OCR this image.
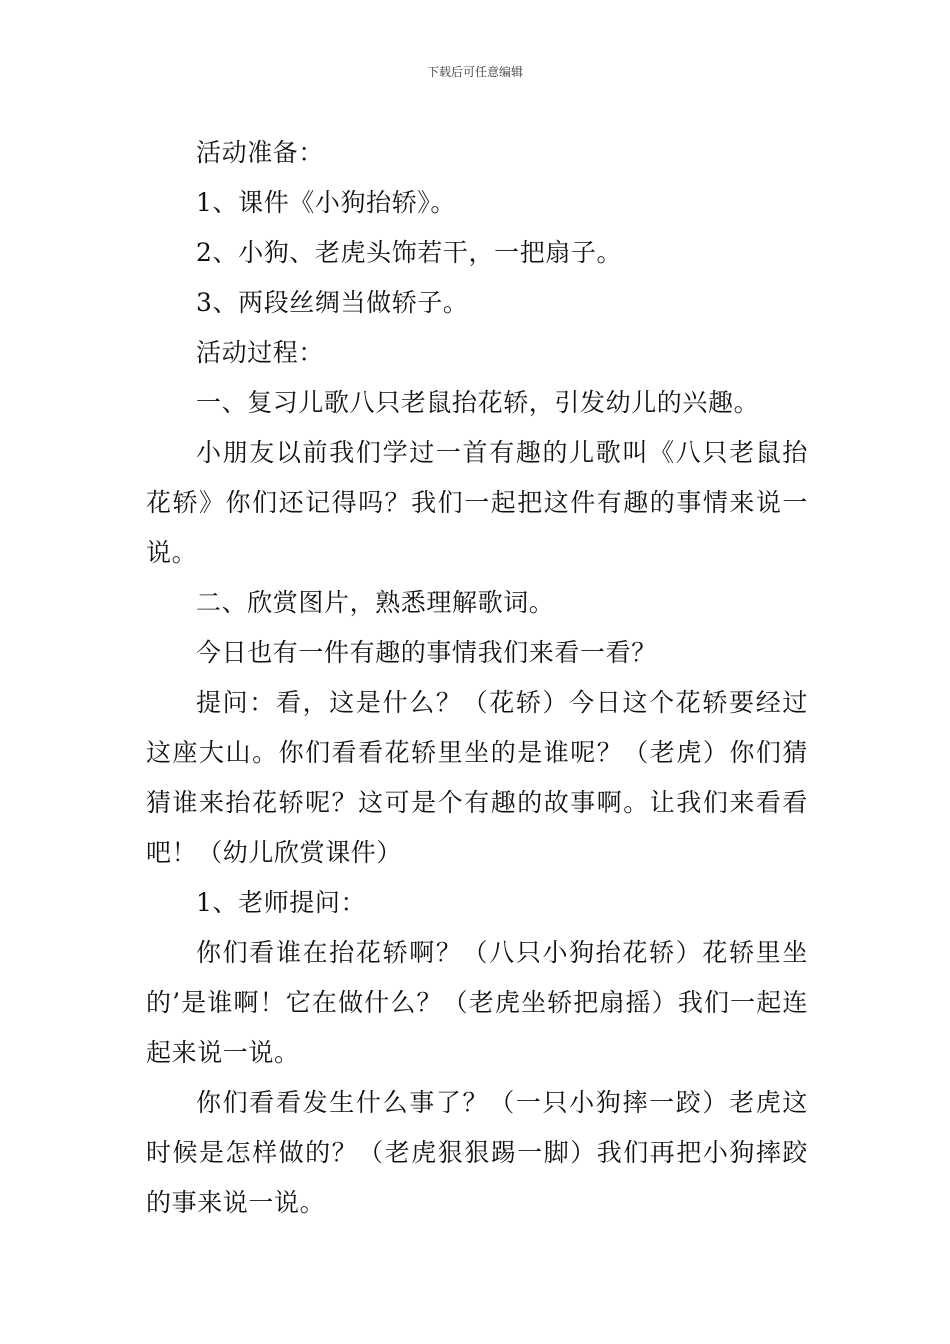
下载后可任意编辑

活动准备：

1、课件《小狗抬轿》。

2、小狗、老虎头饰若干，一把扇子。

3、两段丝绸当做轿子。

活动过程：

一、复习儿歌八只老鼠抬花轿，引发幼儿的兴趣。

小朋友以前我们学过一首有趣的儿歌叫《八只老鼠抬花轿》你们还记得吗？我们一起把这件有趣的事情来说一说。

二、欣赏图片，熟悉理解歌词。

今日也有一件有趣的事情我们来看一看？

提问：看，这是什么？（花轿）今日这个花轿要经过这座大山。你们看看花轿里坐的是谁呢？（老虎）你们猜猜谁来抬花轿呢？这可是个有趣的故事啊。让我们来看看吧！（幼儿欣赏课件）

1、老师提问：

你们看谁在抬花轿啊？（八只小狗抬花轿）花轿里坐的’是谁啊！它在做什么？（老虎坐轿把扇摇）我们一起连起来说一说。

你们看看发生什么事了？（一只小狗摔一跤）老虎这时候是怎样做的？（老虎狠狠踢一脚）我们再把小狗摔跤的事来说一说。
